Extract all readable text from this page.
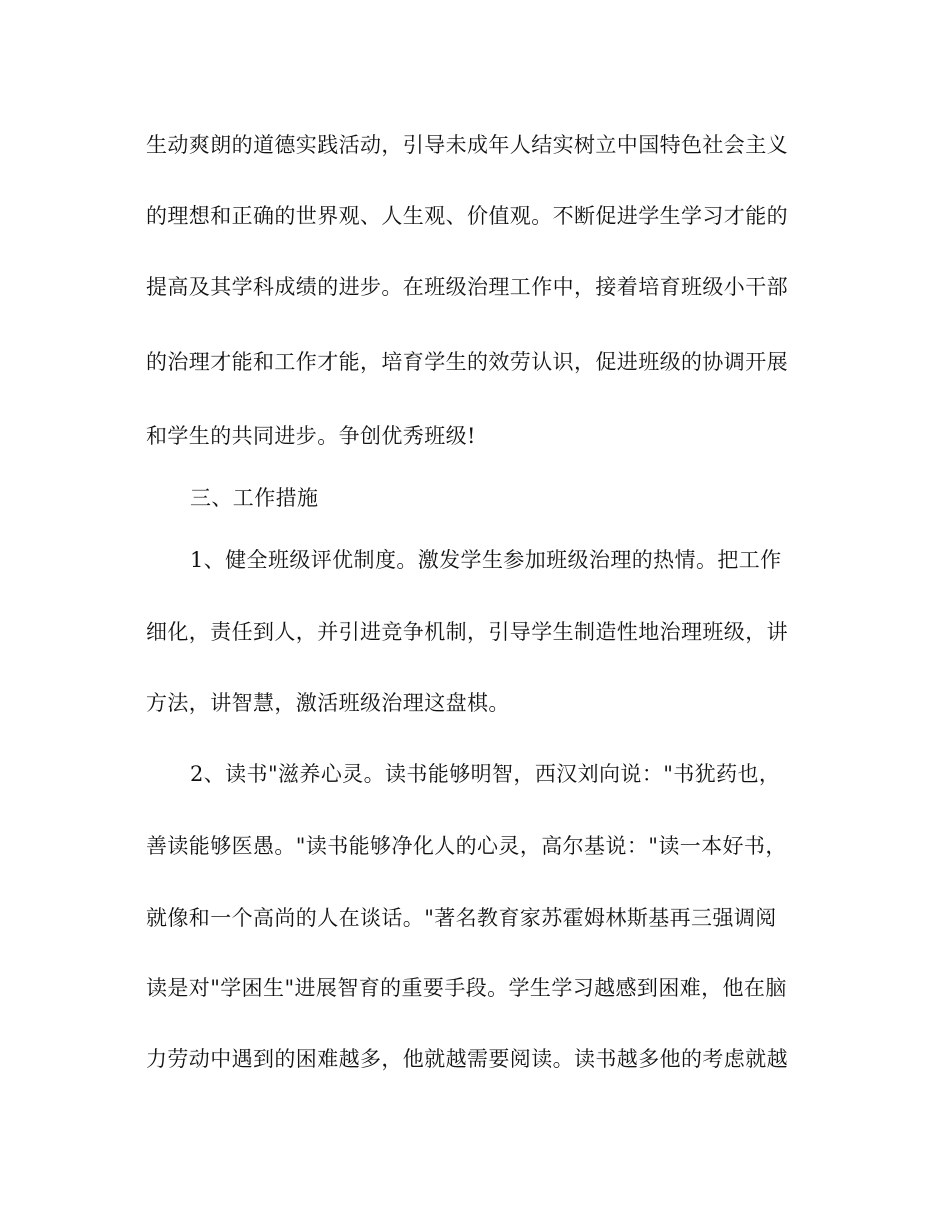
生动爽朗的道德实践活动，引导未成年人结实树立中国特色社会主义
的理想和正确的世界观、人生观、价值观。不断促进学生学习才能的
提高及其学科成绩的进步。在班级治理工作中，接着培育班级小干部
的治理才能和工作才能，培育学生的效劳认识，促进班级的协调开展
和学生的共同进步。争创优秀班级!
三、工作措施
1、健全班级评优制度。激发学生参加班级治理的热情。把工作
细化，责任到人，并引进竞争机制，引导学生制造性地治理班级，讲
方法，讲智慧，激活班级治理这盘棋。
2、读书"滋养心灵。读书能够明智，西汉刘向说："书犹药也，
善读能够医愚。"读书能够净化人的心灵，高尔基说："读一本好书，
就像和一个高尚的人在谈话。"著名教育家苏霍姆林斯基再三强调阅
读是对"学困生"进展智育的重要手段。学生学习越感到困难，他在脑
力劳动中遇到的困难越多，他就越需要阅读。读书越多他的考虑就越
